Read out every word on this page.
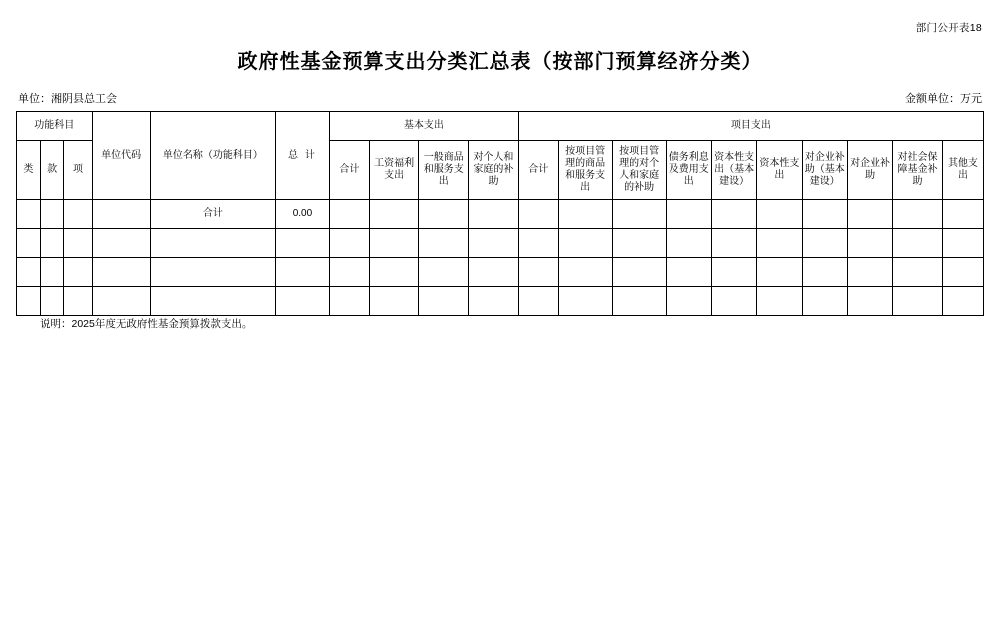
部门公开表18
政府性基金预算支出分类汇总表（按部门预算经济分类）
单位：湘阴县总工会	金额单位：万元
功能科目			单位代码	单位名称（功能科目）	总 计	基本支出				项目支出									
类	款	项				合计	工资福利支出	一般商品和服务支出	对个人和家庭的补助	合计	按项目管理的商品和服务支出	按项目管理的对个人和家庭的补助	债务利息及费用支出	资本性支出（基本建设）	资本性支出	对企业补助（基本建设）	对企业补助	对社会保障基金补助	其他支出
				合计	0.00														

说明：2025年度无政府性基金预算拨款支出。
